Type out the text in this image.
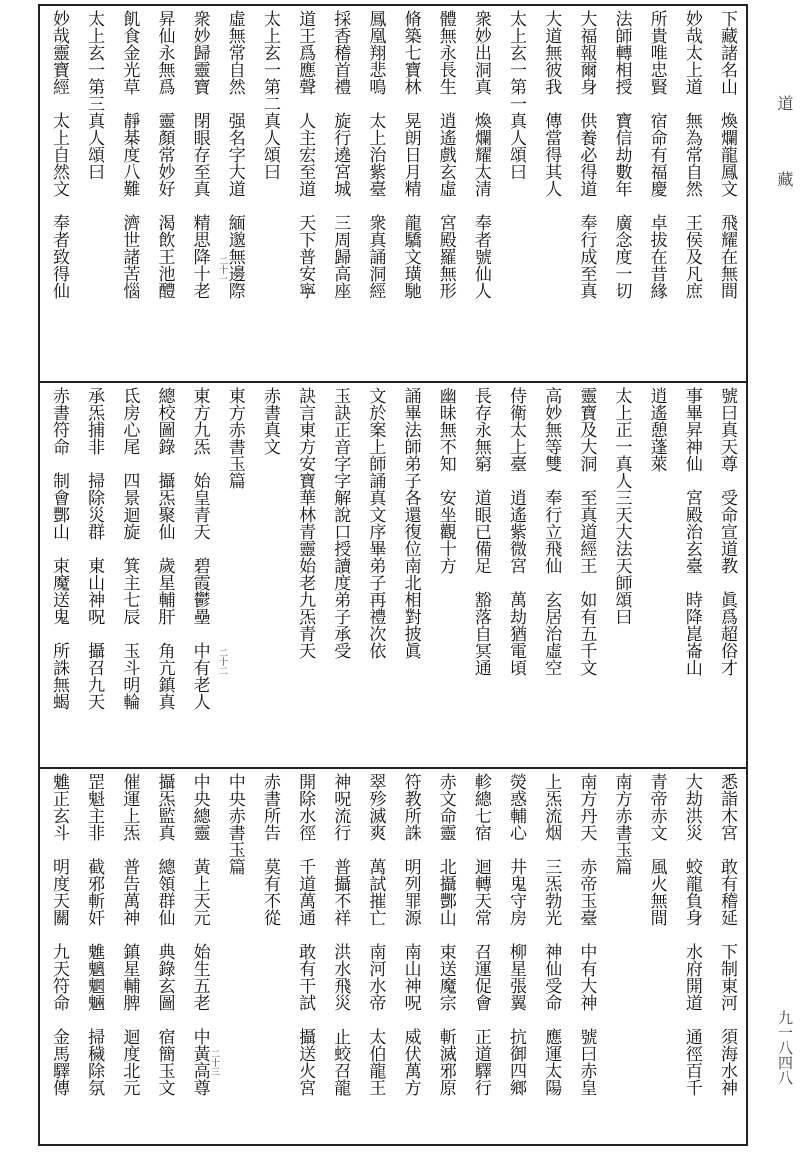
下藏諸名山　煥爛龍鳳文　飛耀在無間
妙哉太上道　無為常自然　王侯及凡庶
所貴唯忠賢　宿命有福慶　卓拔在昔緣
法師轉相授　寶信劫數年　廣念度一切
大福報爾身　供養必得道　奉行成至真
大道無彼我　傳當得其人
太上玄一第一真人頌曰
衆妙出洞真　煥爛耀太清　奉者號仙人
體無永長生　逍遙戲玄虛　宮殿羅無形
脩築七寶林　晃朗日月精　龍驕文璜馳
鳳凰翔悲鳴　太上治紫臺　衆真誦洞經
採香稽首禮　旋行遶宮城　三周歸高座
道王爲應聲　人主宏至道　天下普安寧
太上玄一第二真人頌曰
虛無常自然　强名字大道　緬邈無邊際
衆妙歸靈寶　閉眼存至真　精思降十老
昇仙永無爲　靈顏常妙好　渴飲王池醴
飢食金光草　靜棊度八難　濟世諸苦惱
太上玄一第三真人頌曰
妙哉靈寶經　太上自然文　奉者致得仙	二十一
號曰真天尊　受命宣道教　眞爲超俗才
事畢昇神仙　宮殿治玄臺　時降崑崙山
逍遙憩蓬萊
太上正一真人三天大法天師頌曰
靈寶及大洞　至真道經王　如有五千文
高妙無等雙　奉行立飛仙　玄居治虛空
侍衛太上臺　逍遙紫微宮　萬劫猶電頃
長存永無窮　道眼已備足　豁落自冥通
幽昧無不知　安坐觀十方
誦畢法師弟子各還復位南北相對披眞
文於案上師誦真文序畢弟子再禮次依
玉訣正音字字解說口授讀度弟子承受
訣言東方安寶華林青靈始老九炁青天
赤書真文
東方赤書玉篇
東方九炁　始皇青天　碧霞鬱壘　中有老人
總校圖錄　攝炁聚仙　歲星輔肝　角亢鎮真
氐房心尾　四景迴旋　箕主七辰　玉斗明輪
承炁捕非　掃除災群　東山神呪　攝召九天
赤書符命　制會酆山　束魔送鬼　所誅無蝎	二十二
悉詣木宮　敢有稽延　下制東河　須海水神
大劫洪災　蛟龍負身　水府開道　通徑百千
青帝赤文　風火無間
南方赤書玉篇
南方丹天　赤帝玉臺　中有大神　號曰赤皇
上炁流烟　三炁勃光　神仙受命　應運太陽
熒惑輔心　井鬼守房　柳星張翼　抗御四鄉
軫總七宿　迴轉天常　召運促會　正道驛行
赤文命靈　北攝酆山　束送魔宗　斬滅邪原
符教所誅　明列罪源　南山神呪　威伏萬方
翠殄滅爽　萬試摧亡　南河水帝　太伯龍王
神呪流行　普攝不祥　洪水飛災　止蛟召龍
開除水徑　千道萬通　敢有干試　攝送火宮
赤書所告　莫有不從
中央赤書玉篇
中央總靈　黃上天元　始生五老　中黃高尊
攝炁監真　總領群仙　典錄玄圖　宿簡玉文
催運上炁　普告萬神　鎮星輔脾　迴度北元
罡魁主非　截邪斬奸　魋魑魍魎　掃穢除氛
魋正玄斗　明度天關　九天符命　金馬驛傳	二十三
道藏
九一八四八
